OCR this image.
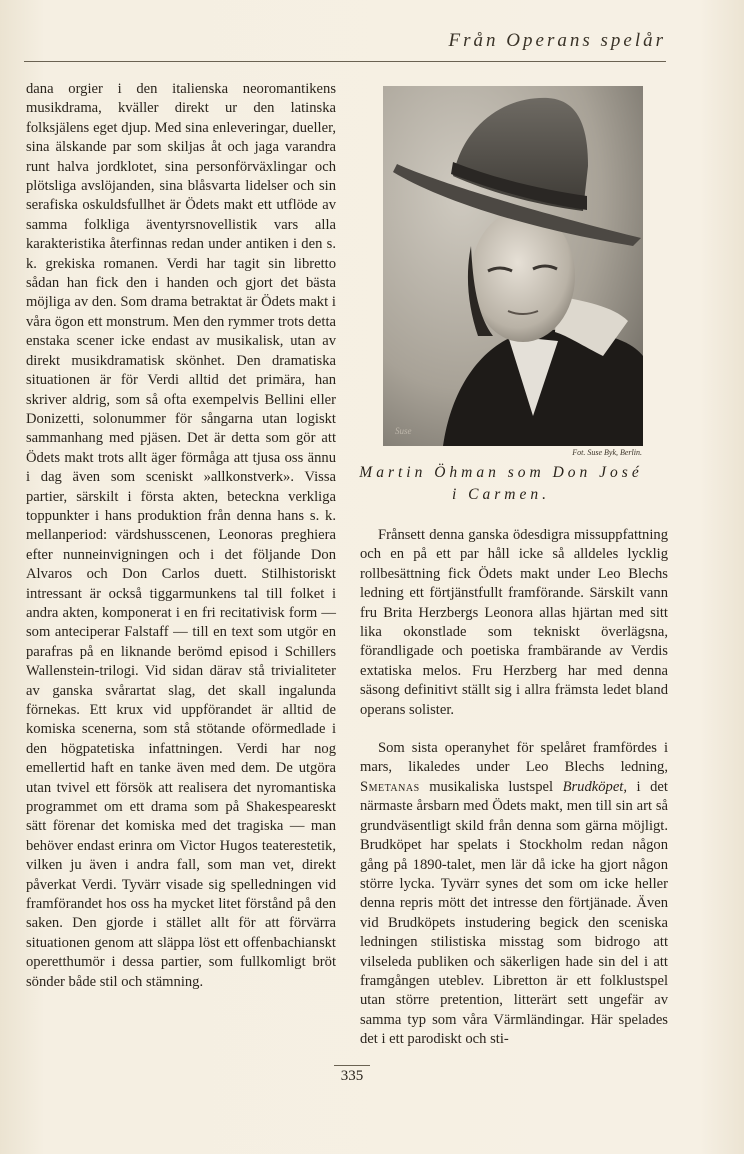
Från Operans spelår

dana orgier i den italienska neoromantikens musikdrama, kväller direkt ur den latinska folksjälens eget djup. Med sina enleveringar, dueller, sina älskande par som skiljas åt och jaga varandra runt halva jordklotet, sina personförväxlingar och plötsliga avslöjanden, sina blåsvarta lidelser och sin serafiska oskuldsfullhet är Ödets makt ett utflöde av samma folkliga äventyrsnovellistik vars alla karakteristika återfinnas redan under antiken i den s. k. grekiska romanen. Verdi har tagit sin libretto sådan han fick den i handen och gjort det bästa möjliga av den. Som drama betraktat är Ödets makt i våra ögon ett monstrum. Men den rymmer trots detta enstaka scener icke endast av musikalisk, utan av direkt musikdramatisk skönhet. Den dramatiska situationen är för Verdi alltid det primära, han skriver aldrig, som så ofta exempelvis Bellini eller Donizetti, solonummer för sångarna utan logiskt sammanhang med pjäsen. Det är detta som gör att Ödets makt trots allt äger förmåga att tjusa oss ännu i dag även som sceniskt »allkonstverk». Vissa partier, särskilt i första akten, beteckna verkliga toppunkter i hans produktion från denna hans s. k. mellanperiod: värdshusscenen, Leonoras preghiera efter nunneinvigningen och i det följande Don Alvaros och Don Carlos duett. Stilhistoriskt intressant är också tiggarmunkens tal till folket i andra akten, komponerat i en fri recitativisk form — som anteciperar Falstaff — till en text som utgör en parafras på en liknande berömd episod i Schillers Wallenstein-trilogi. Vid sidan därav stå trivialiteter av ganska svårartat slag, det skall ingalunda förnekas. Ett krux vid uppförandet är alltid de komiska scenerna, som stå stötande oförmedlade i den högpatetiska infattningen. Verdi har nog emellertid haft en tanke även med dem. De utgöra utan tvivel ett försök att realisera det nyromantiska programmet om ett drama som på Shakespeareskt sätt förenar det komiska med det tragiska — man behöver endast erinra om Victor Hugos teaterestetik, vilken ju även i andra fall, som man vet, direkt påverkat Verdi. Tyvärr visade sig spelledningen vid framförandet hos oss ha mycket litet förstånd på den saken. Den gjorde i stället allt för att förvärra situationen genom att släppa löst ett offenbachianskt operetthumör i dessa partier, som fullkomligt bröt sönder både stil och stämning.

Suse
Fot. Suse Byk, Berlin.
Martin Öhman som Don José
i Carmen.

Frånsett denna ganska ödesdigra missuppfattning och en på ett par håll icke så alldeles lycklig rollbesättning fick Ödets makt under Leo Blechs ledning ett förtjänstfullt framförande. Särskilt vann fru Brita Herzbergs Leonora allas hjärtan med sitt lika okonstlade som tekniskt överlägsna, förandligade och poetiska frambärande av Verdis extatiska melos. Fru Herzberg har med denna säsong definitivt ställt sig i allra främsta ledet bland operans solister.

Som sista operanyhet för spelåret framfördes i mars, likaledes under Leo Blechs ledning, Smetanas musikaliska lustspel Brudköpet, i det närmaste årsbarn med Ödets makt, men till sin art så grundväsentligt skild från denna som gärna möjligt. Brudköpet har spelats i Stockholm redan någon gång på 1890-talet, men lär då icke ha gjort någon större lycka. Tyvärr synes det som om icke heller denna repris mött det intresse den förtjänade. Även vid Brudköpets instudering begick den sceniska ledningen stilistiska misstag som bidrogo att vilseleda publiken och säkerligen hade sin del i att framgången uteblev. Libretton är ett folklustspel utan större pretention, litterärt sett ungefär av samma typ som våra Värmländingar. Här spelades det i ett parodiskt och sti-

335
